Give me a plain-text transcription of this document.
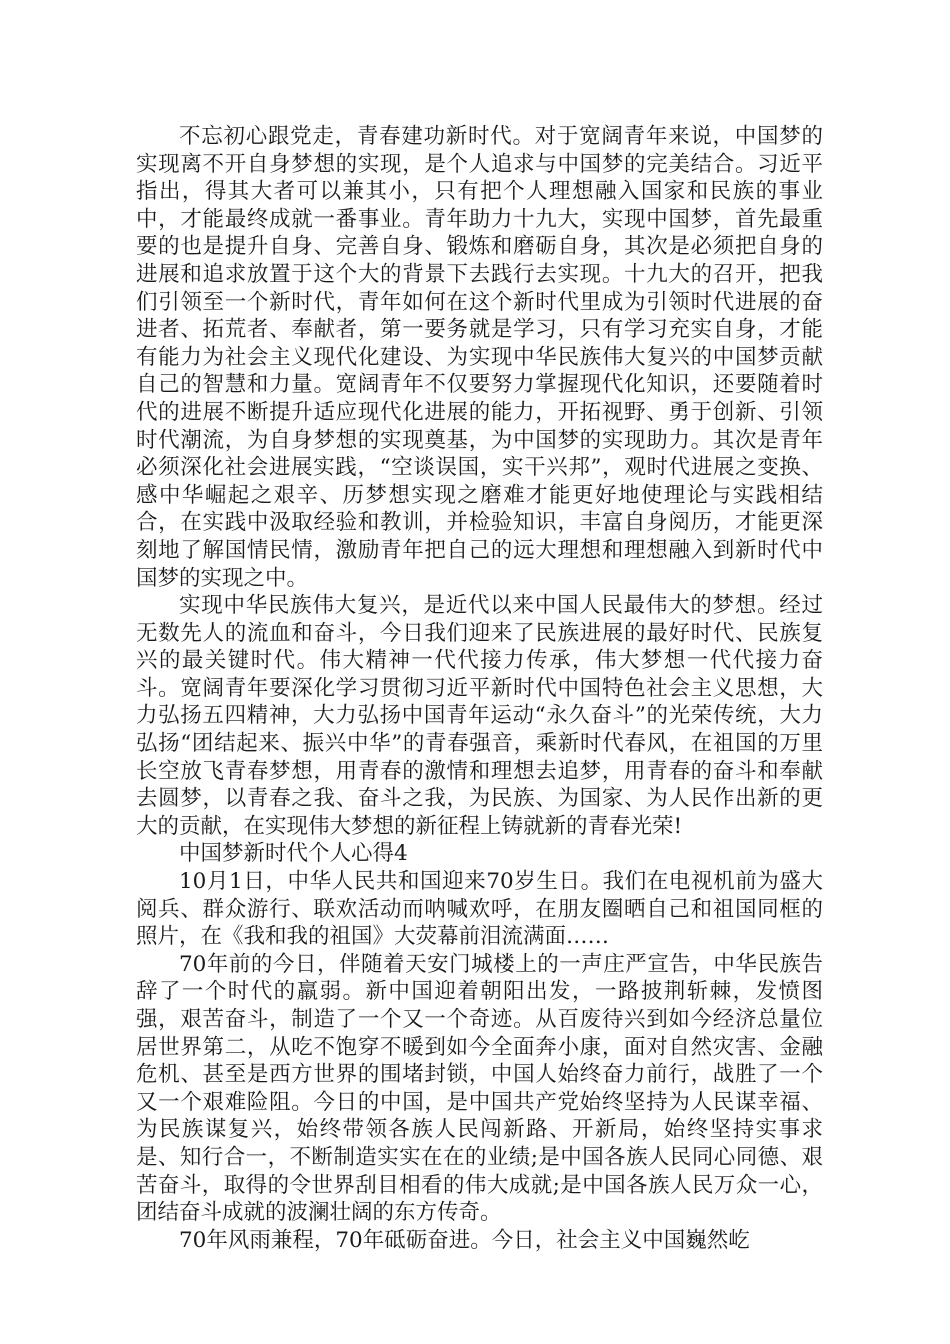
不忘初心跟党走，青春建功新时代。对于宽阔青年来说，中国梦的实现离不开自身梦想的实现，是个人追求与中国梦的完美结合。习近平指出，得其大者可以兼其小，只有把个人理想融入国家和民族的事业中，才能最终成就一番事业。青年助力十九大，实现中国梦，首先最重要的也是提升自身、完善自身、锻炼和磨砺自身，其次是必须把自身的进展和追求放置于这个大的背景下去践行去实现。十九大的召开，把我们引领至一个新时代，青年如何在这个新时代里成为引领时代进展的奋进者、拓荒者、奉献者，第一要务就是学习，只有学习充实自身，才能有能力为社会主义现代化建设、为实现中华民族伟大复兴的中国梦贡献自己的智慧和力量。宽阔青年不仅要努力掌握现代化知识，还要随着时代的进展不断提升适应现代化进展的能力，开拓视野、勇于创新、引领时代潮流，为自身梦想的实现奠基，为中国梦的实现助力。其次是青年必须深化社会进展实践，“空谈误国，实干兴邦”，观时代进展之变换、感中华崛起之艰辛、历梦想实现之磨难才能更好地使理论与实践相结合，在实践中汲取经验和教训，并检验知识，丰富自身阅历，才能更深刻地了解国情民情，激励青年把自己的远大理想和理想融入到新时代中国梦的实现之中。

实现中华民族伟大复兴，是近代以来中国人民最伟大的梦想。经过无数先人的流血和奋斗，今日我们迎来了民族进展的最好时代、民族复兴的最关键时代。伟大精神一代代接力传承，伟大梦想一代代接力奋斗。宽阔青年要深化学习贯彻习近平新时代中国特色社会主义思想，大力弘扬五四精神，大力弘扬中国青年运动“永久奋斗”的光荣传统，大力弘扬“团结起来、振兴中华”的青春强音，乘新时代春风，在祖国的万里长空放飞青春梦想，用青春的激情和理想去追梦，用青春的奋斗和奉献去圆梦，以青春之我、奋斗之我，为民族、为国家、为人民作出新的更大的贡献，在实现伟大梦想的新征程上铸就新的青春光荣!

中国梦新时代个人心得4

10月1日，中华人民共和国迎来70岁生日。我们在电视机前为盛大阅兵、群众游行、联欢活动而呐喊欢呼，在朋友圈晒自己和祖国同框的照片，在《我和我的祖国》大荧幕前泪流满面……

70年前的今日，伴随着天安门城楼上的一声庄严宣告，中华民族告辞了一个时代的羸弱。新中国迎着朝阳出发，一路披荆斩棘，发愤图强，艰苦奋斗，制造了一个又一个奇迹。从百废待兴到如今经济总量位居世界第二，从吃不饱穿不暖到如今全面奔小康，面对自然灾害、金融危机、甚至是西方世界的围堵封锁，中国人始终奋力前行，战胜了一个又一个艰难险阻。今日的中国，是中国共产党始终坚持为人民谋幸福、为民族谋复兴，始终带领各族人民闯新路、开新局，始终坚持实事求是、知行合一，不断制造实实在在的业绩;是中国各族人民同心同德、艰苦奋斗，取得的令世界刮目相看的伟大成就;是中国各族人民万众一心，团结奋斗成就的波澜壮阔的东方传奇。

70年风雨兼程，70年砥砺奋进。今日，社会主义中国巍然屹
